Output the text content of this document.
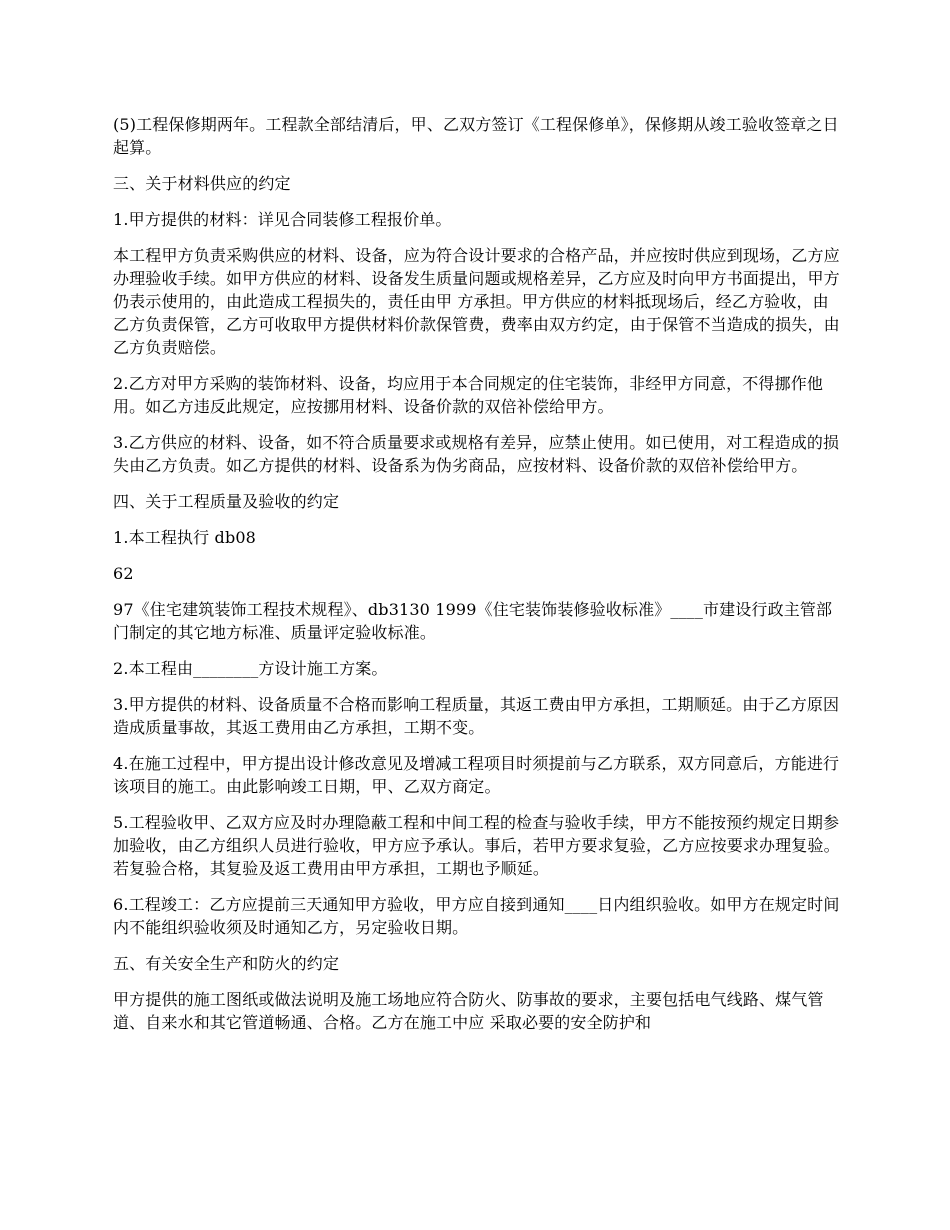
(5)工程保修期两年。工程款全部结清后，甲、乙双方签订《工程保修单》，保修期从竣工验收签章之日起算。

三、关于材料供应的约定

1.甲方提供的材料：详见合同装修工程报价单。

本工程甲方负责采购供应的材料、设备，应为符合设计要求的合格产品，并应按时供应到现场，乙方应办理验收手续。如甲方供应的材料、设备发生质量问题或规格差异，乙方应及时向甲方书面提出，甲方仍表示使用的，由此造成工程损失的，责任由甲 方承担。甲方供应的材料抵现场后，经乙方验收，由乙方负责保管，乙方可收取甲方提供材料价款保管费，费率由双方约定，由于保管不当造成的损失，由乙方负责赔偿。

2.乙方对甲方采购的装饰材料、设备，均应用于本合同规定的住宅装饰，非经甲方同意，不得挪作他用。如乙方违反此规定，应按挪用材料、设备价款的双倍补偿给甲方。

3.乙方供应的材料、设备，如不符合质量要求或规格有差异，应禁止使用。如已使用，对工程造成的损失由乙方负责。如乙方提供的材料、设备系为伪劣商品，应按材料、设备价款的双倍补偿给甲方。

四、关于工程质量及验收的约定

1.本工程执行 db08

62

97《住宅建筑装饰工程技术规程》、db3130 1999《住宅装饰装修验收标准》____市建设行政主管部门制定的其它地方标准、质量评定验收标准。

2.本工程由________方设计施工方案。

3.甲方提供的材料、设备质量不合格而影响工程质量，其返工费由甲方承担，工期顺延。由于乙方原因造成质量事故，其返工费用由乙方承担，工期不变。

4.在施工过程中，甲方提出设计修改意见及增减工程项目时须提前与乙方联系，双方同意后，方能进行该项目的施工。由此影响竣工日期，甲、乙双方商定。

5.工程验收甲、乙双方应及时办理隐蔽工程和中间工程的检查与验收手续，甲方不能按预约规定日期参加验收，由乙方组织人员进行验收，甲方应予承认。事后，若甲方要求复验，乙方应按要求办理复验。若复验合格，其复验及返工费用由甲方承担，工期也予顺延。

6.工程竣工：乙方应提前三天通知甲方验收，甲方应自接到通知____日内组织验收。如甲方在规定时间内不能组织验收须及时通知乙方，另定验收日期。

五、有关安全生产和防火的约定

甲方提供的施工图纸或做法说明及施工场地应符合防火、防事故的要求，主要包括电气线路、煤气管道、自来水和其它管道畅通、合格。乙方在施工中应 采取必要的安全防护和
